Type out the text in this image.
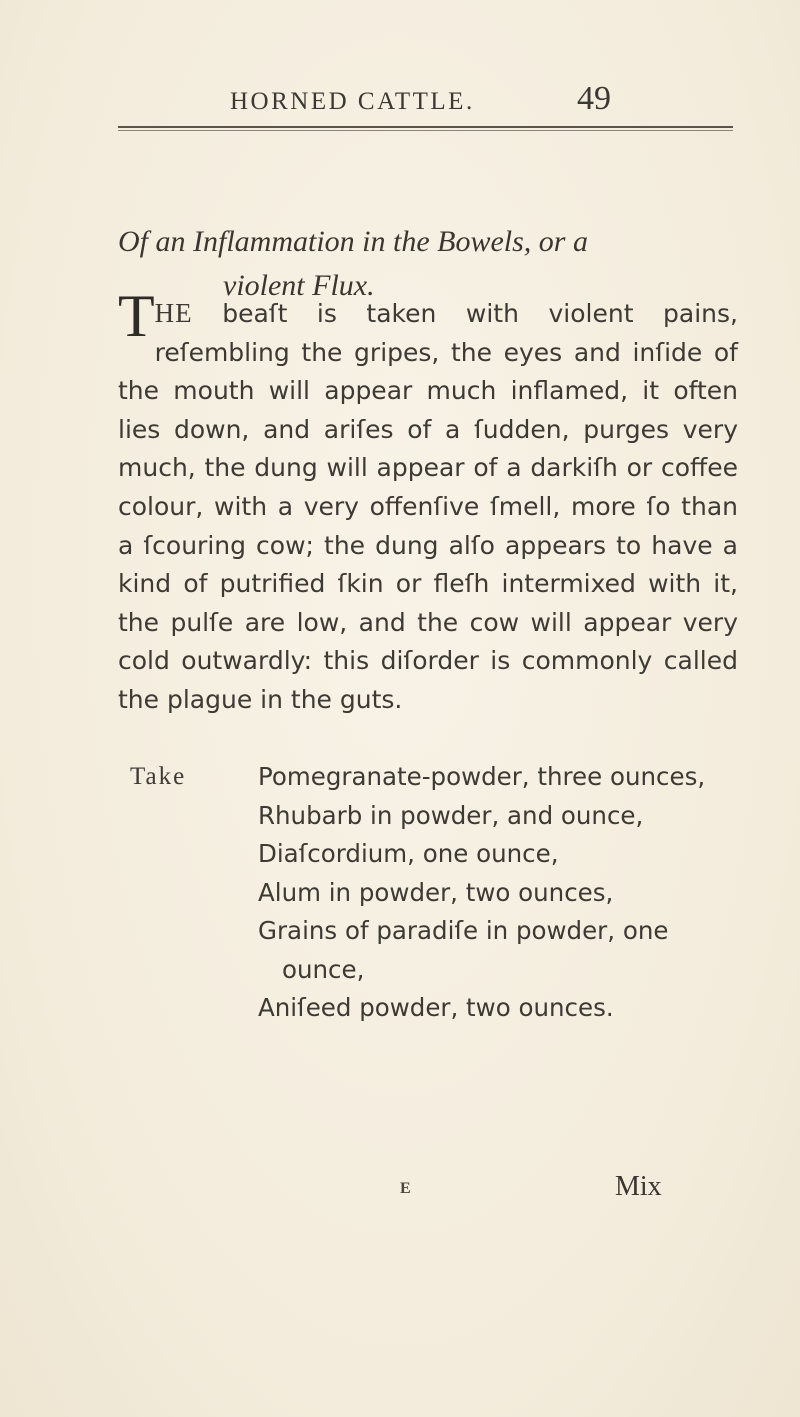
HORNED CATTLE.	49
Of an Inflammation in the Bowels, or a
violent Flux.
THE beaſt is taken with violent pains, reſembling the gripes, the eyes and inſide of the mouth will appear much inflamed, it often lies down, and ariſes of a ſudden, purges very much, the dung will appear of a darkiſh or coffee colour, with a very offenſive ſmell, more ſo than a ſcouring cow; the dung alſo appears to have a kind of putrified ſkin or fleſh intermixed with it, the pulſe are low, and the cow will appear very cold outwardly: this diſorder is commonly called the plague in the guts.
Take	Pomegranate-powder, three ounces,
Rhubarb in powder, and ounce,
Diaſcordium, one ounce,
Alum in powder, two ounces,
Grains of paradiſe in powder, one
ounce,
Aniſeed powder, two ounces.
E	Mix
